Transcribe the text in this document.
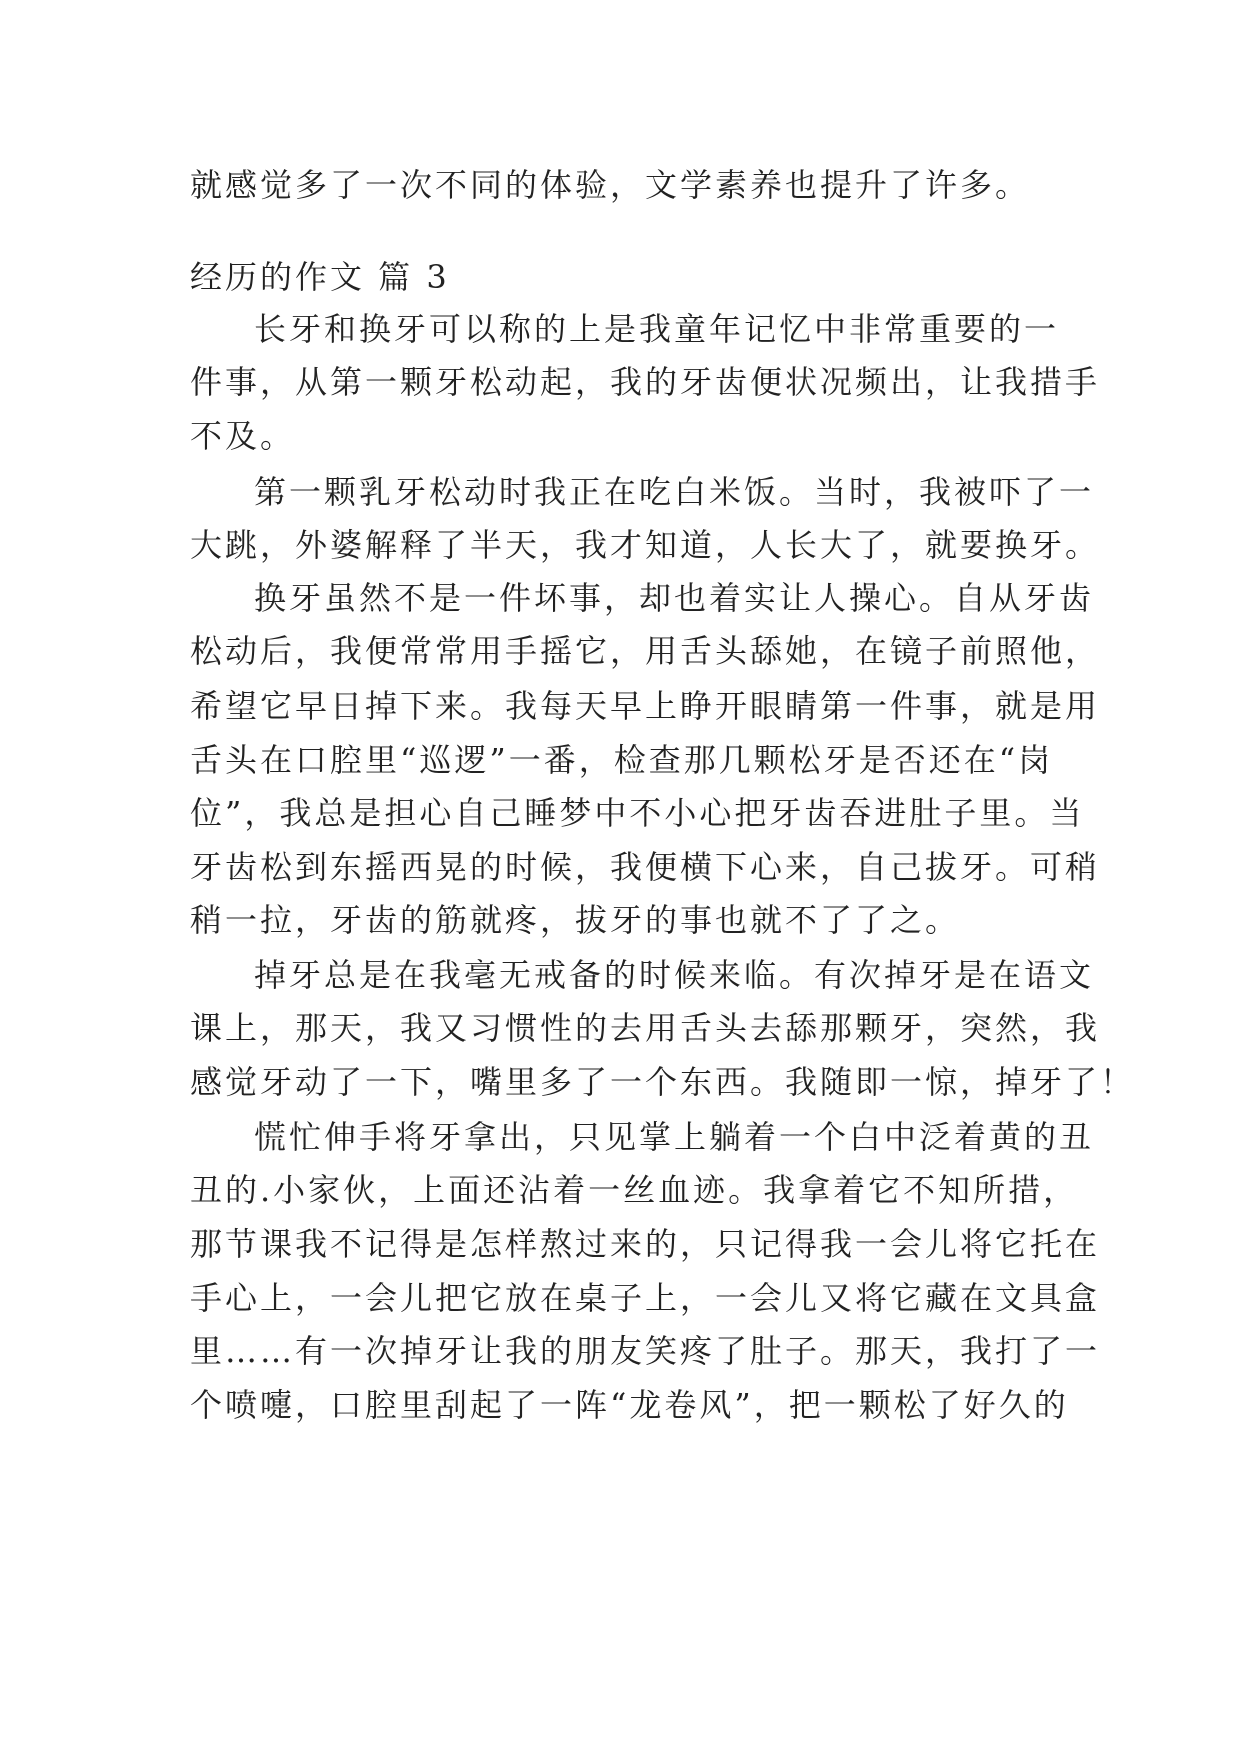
就感觉多了一次不同的体验，文学素养也提升了许多。
经历的作文 篇 3
长牙和换牙可以称的上是我童年记忆中非常重要的一
件事，从第一颗牙松动起，我的牙齿便状况频出，让我措手
不及。
第一颗乳牙松动时我正在吃白米饭。当时，我被吓了一
大跳，外婆解释了半天，我才知道，人长大了，就要换牙。
换牙虽然不是一件坏事，却也着实让人操心。自从牙齿
松动后，我便常常用手摇它，用舌头舔她，在镜子前照他，
希望它早日掉下来。我每天早上睁开眼睛第一件事，就是用
舌头在口腔里“巡逻”一番，检查那几颗松牙是否还在“岗
位”，我总是担心自己睡梦中不小心把牙齿吞进肚子里。当
牙齿松到东摇西晃的时候，我便横下心来，自己拔牙。可稍
稍一拉，牙齿的筋就疼，拔牙的事也就不了了之。
掉牙总是在我毫无戒备的时候来临。有次掉牙是在语文
课上，那天，我又习惯性的去用舌头去舔那颗牙，突然，我
感觉牙动了一下，嘴里多了一个东西。我随即一惊，掉牙了！
慌忙伸手将牙拿出，只见掌上躺着一个白中泛着黄的丑
丑的.小家伙，上面还沾着一丝血迹。我拿着它不知所措，
那节课我不记得是怎样熬过来的，只记得我一会儿将它托在
手心上，一会儿把它放在桌子上，一会儿又将它藏在文具盒
里……有一次掉牙让我的朋友笑疼了肚子。那天，我打了一
个喷嚏，口腔里刮起了一阵“龙卷风”，把一颗松了好久的
